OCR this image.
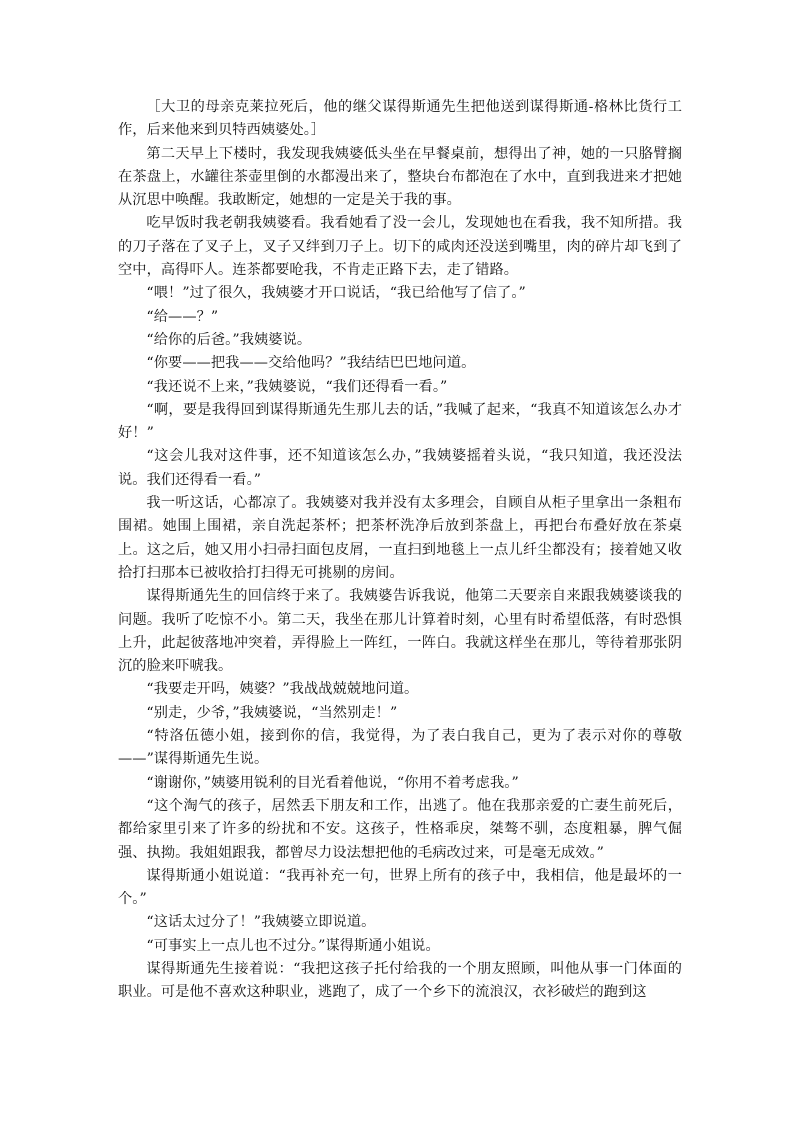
［大卫的母亲克莱拉死后，他的继父谋得斯通先生把他送到谋得斯通-格林比货行工作，后来他来到贝特西姨婆处。］

第二天早上下楼时，我发现我姨婆低头坐在早餐桌前，想得出了神，她的一只胳臂搁在茶盘上，水罐往茶壶里倒的水都漫出来了，整块台布都泡在了水中，直到我进来才把她从沉思中唤醒。我敢断定，她想的一定是关于我的事。

吃早饭时我老朝我姨婆看。我看她看了没一会儿，发现她也在看我，我不知所措。我的刀子落在了叉子上，叉子又绊到刀子上。切下的咸肉还没送到嘴里，肉的碎片却飞到了空中，高得吓人。连茶都要呛我，不肯走正路下去，走了错路。

“喂！”过了很久，我姨婆才开口说话，“我已给他写了信了。”

“给——？”

“给你的后爸。”我姨婆说。

“你要——把我——交给他吗？”我结结巴巴地问道。

“我还说不上来，”我姨婆说，“我们还得看一看。”

“啊，要是我得回到谋得斯通先生那儿去的话，”我喊了起来，“我真不知道该怎么办才好！”

“这会儿我对这件事，还不知道该怎么办，”我姨婆摇着头说，“我只知道，我还没法说。我们还得看一看。”

我一听这话，心都凉了。我姨婆对我并没有太多理会，自顾自从柜子里拿出一条粗布围裙。她围上围裙，亲自洗起茶杯；把茶杯洗净后放到茶盘上，再把台布叠好放在茶桌上。这之后，她又用小扫帚扫面包皮屑，一直扫到地毯上一点儿纤尘都没有；接着她又收拾打扫那本已被收拾打扫得无可挑剔的房间。

谋得斯通先生的回信终于来了。我姨婆告诉我说，他第二天要亲自来跟我姨婆谈我的问题。我听了吃惊不小。第二天，我坐在那儿计算着时刻，心里有时希望低落，有时恐惧上升，此起彼落地冲突着，弄得脸上一阵红，一阵白。我就这样坐在那儿，等待着那张阴沉的脸来吓唬我。

“我要走开吗，姨婆？”我战战兢兢地问道。

“别走，少爷，”我姨婆说，“当然别走！”

“特洛伍德小姐，接到你的信，我觉得，为了表白我自己，更为了表示对你的尊敬——”谋得斯通先生说。

“谢谢你，”姨婆用锐利的目光看着他说，“你用不着考虑我。”

“这个淘气的孩子，居然丢下朋友和工作，出逃了。他在我那亲爱的亡妻生前死后，都给家里引来了许多的纷扰和不安。这孩子，性格乖戾，桀骜不驯，态度粗暴，脾气倔强、执拗。我姐姐跟我，都曾尽力设法想把他的毛病改过来，可是毫无成效。”

谋得斯通小姐说道：“我再补充一句，世界上所有的孩子中，我相信，他是最坏的一个。”

“这话太过分了！”我姨婆立即说道。

“可事实上一点儿也不过分。”谋得斯通小姐说。

谋得斯通先生接着说：“我把这孩子托付给我的一个朋友照顾，叫他从事一门体面的职业。可是他不喜欢这种职业，逃跑了，成了一个乡下的流浪汉，衣衫破烂的跑到这
